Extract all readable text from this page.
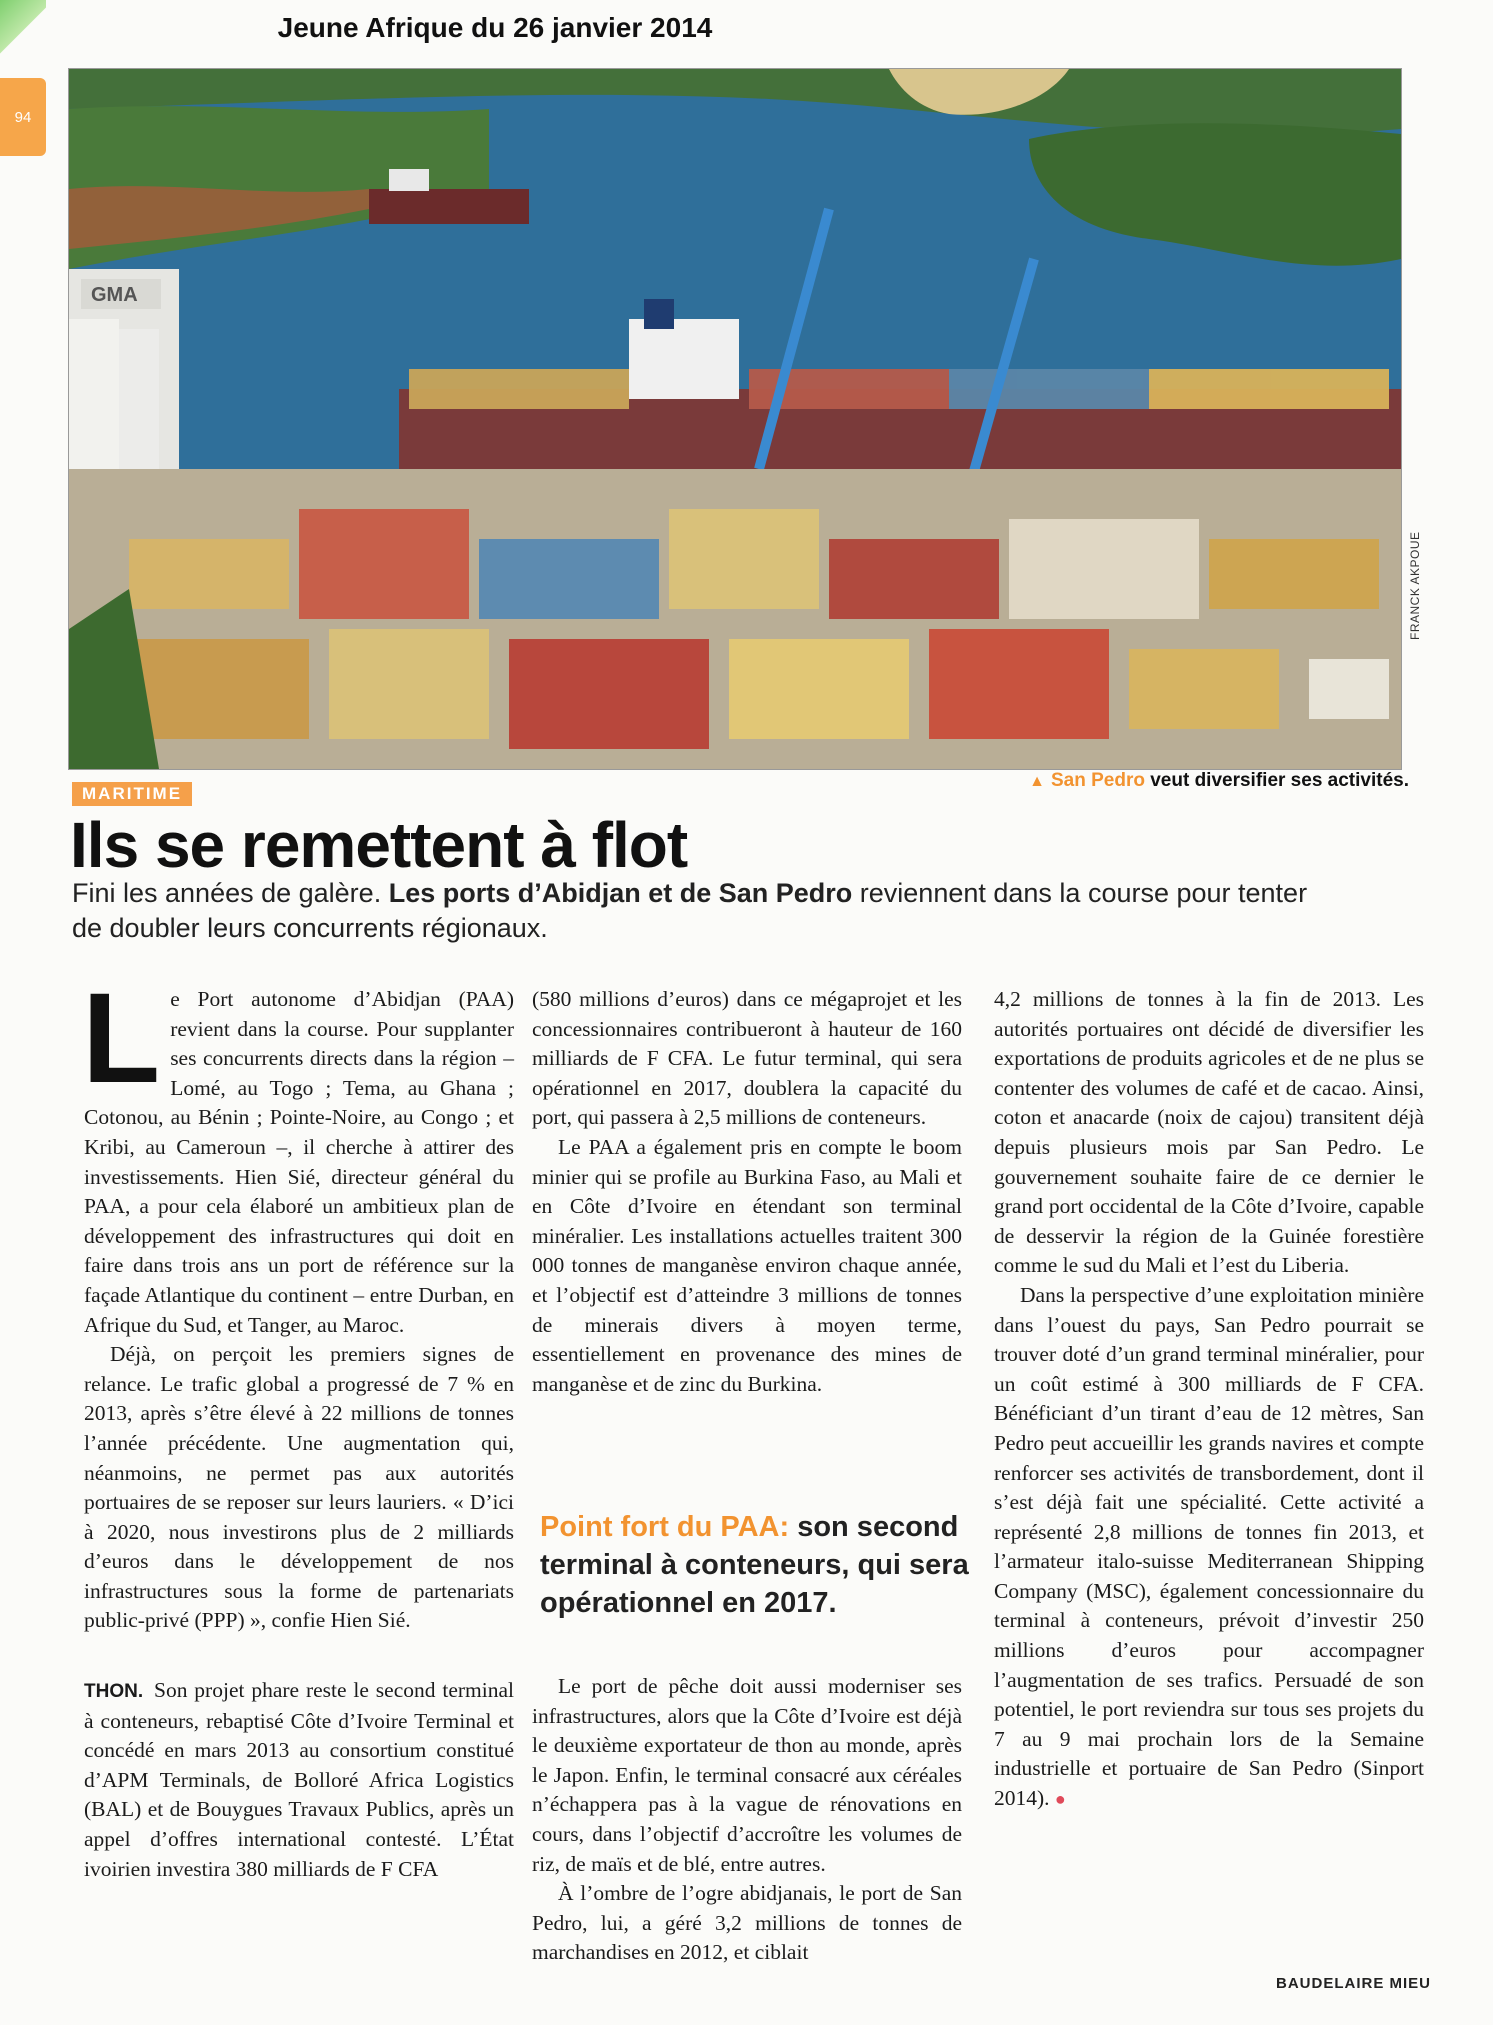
Jeune Afrique du 26 janvier 2014
94
GMA
FRANCK AKPOUE
MARITIME
▲ San Pedro veut diversifier ses activités.
Ils se remettent à flot
Fini les années de galère. Les ports d’Abidjan et de San Pedro reviennent dans la course pour tenter de doubler leurs concurrents régionaux.

Le Port autonome d’Abidjan (PAA) revient dans la course. Pour supplanter ses concurrents directs dans la région – Lomé, au Togo ; Tema, au Ghana ; Cotonou, au Bénin ; Pointe-Noire, au Congo ; et Kribi, au Cameroun –, il cherche à attirer des investissements. Hien Sié, directeur général du PAA, a pour cela élaboré un ambitieux plan de développement des infrastructures qui doit en faire dans trois ans un port de référence sur la façade Atlantique du continent – entre Durban, en Afrique du Sud, et Tanger, au Maroc.

Déjà, on perçoit les premiers signes de relance. Le trafic global a progressé de 7 % en 2013, après s’être élevé à 22 millions de tonnes l’année précédente. Une augmentation qui, néanmoins, ne permet pas aux autorités portuaires de se reposer sur leurs lauriers. « D’ici à 2020, nous investirons plus de 2 milliards d’euros dans le développement de nos infrastructures sous la forme de partenariats public-privé (PPP) », confie Hien Sié.

THON. Son projet phare reste le second terminal à conteneurs, rebaptisé Côte d’Ivoire Terminal et concédé en mars 2013 au consortium constitué d’APM Terminals, de Bolloré Africa Logistics (BAL) et de Bouygues Travaux Publics, après un appel d’offres international contesté. L’État ivoirien investira 380 milliards de F CFA

(580 millions d’euros) dans ce mégaprojet et les concessionnaires contribueront à hauteur de 160 milliards de F CFA. Le futur terminal, qui sera opérationnel en 2017, doublera la capacité du port, qui passera à 2,5 millions de conteneurs.

Le PAA a également pris en compte le boom minier qui se profile au Burkina Faso, au Mali et en Côte d’Ivoire en étendant son terminal minéralier. Les installations actuelles traitent 300 000 tonnes de manganèse environ chaque année, et l’objectif est d’atteindre 3 millions de tonnes de minerais divers à moyen terme, essentiellement en provenance des mines de manganèse et de zinc du Burkina.

Point fort du PAA: son second terminal à conteneurs, qui sera opérationnel en 2017.

Le port de pêche doit aussi moderniser ses infrastructures, alors que la Côte d’Ivoire est déjà le deuxième exportateur de thon au monde, après le Japon. Enfin, le terminal consacré aux céréales n’échappera pas à la vague de rénovations en cours, dans l’objectif d’accroître les volumes de riz, de maïs et de blé, entre autres.

À l’ombre de l’ogre abidjanais, le port de San Pedro, lui, a géré 3,2 millions de tonnes de marchandises en 2012, et ciblait

4,2 millions de tonnes à la fin de 2013. Les autorités portuaires ont décidé de diversifier les exportations de produits agricoles et de ne plus se contenter des volumes de café et de cacao. Ainsi, coton et anacarde (noix de cajou) transitent déjà depuis plusieurs mois par San Pedro. Le gouvernement souhaite faire de ce dernier le grand port occidental de la Côte d’Ivoire, capable de desservir la région de la Guinée forestière comme le sud du Mali et l’est du Liberia.

Dans la perspective d’une exploitation minière dans l’ouest du pays, San Pedro pourrait se trouver doté d’un grand terminal minéralier, pour un coût estimé à 300 milliards de F CFA. Bénéficiant d’un tirant d’eau de 12 mètres, San Pedro peut accueillir les grands navires et compte renforcer ses activités de transbordement, dont il s’est déjà fait une spécialité. Cette activité a représenté 2,8 millions de tonnes fin 2013, et l’armateur italo-suisse Mediterranean Shipping Company (MSC), également concessionnaire du terminal à conteneurs, prévoit d’investir 250 millions d’euros pour accompagner l’augmentation de ses trafics. Persuadé de son potentiel, le port reviendra sur tous ses projets du 7 au 9 mai prochain lors de la Semaine industrielle et portuaire de San Pedro (Sinport 2014). ●

BAUDELAIRE MIEU
